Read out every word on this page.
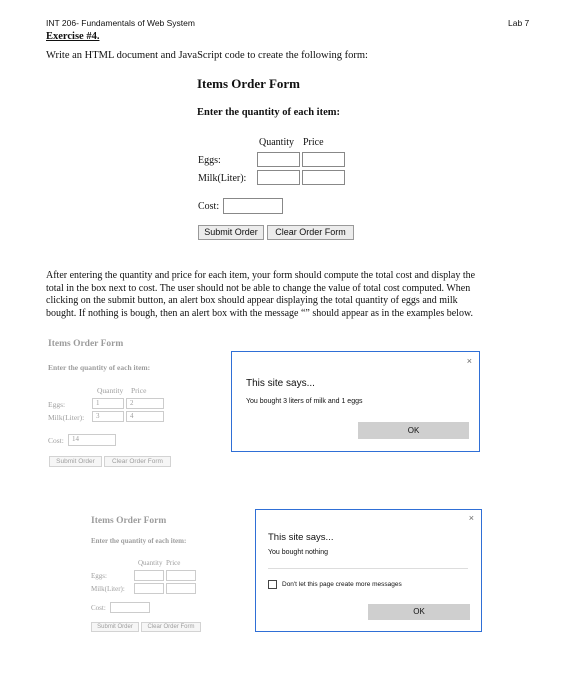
INT 206- Fundamentals of Web System	Lab 7
Exercise #4.
Write an HTML document and JavaScript code to create the following form:
Items Order Form
Enter the quantity of each item:
Quantity Price
Eggs:
Milk(Liter):
Cost:
Submit Order	Clear Order Form
After entering the quantity and price for each item, your form should compute the total cost and display the
total in the box next to cost. The user should not be able to change the value of total cost computed. When
clicking on the submit button, an alert box should appear displaying the total quantity of eggs and milk
bought. If nothing is bough, then an alert box with the message “” should appear as in the examples below.
Items Order Form
Enter the quantity of each item:
Quantity Price
Eggs:	1	2
Milk(Liter):	3	4
Cost:	14
Submit Order	Clear Order Form
×
This site says...
You bought 3 liters of milk and 1 eggs
OK
Items Order Form
Enter the quantity of each item:
Quantity Price
Eggs:
Milk(Liter):
Cost:
Submit Order	Clear Order Form
×
This site says...
You bought nothing
Don't let this page create more messages
OK
